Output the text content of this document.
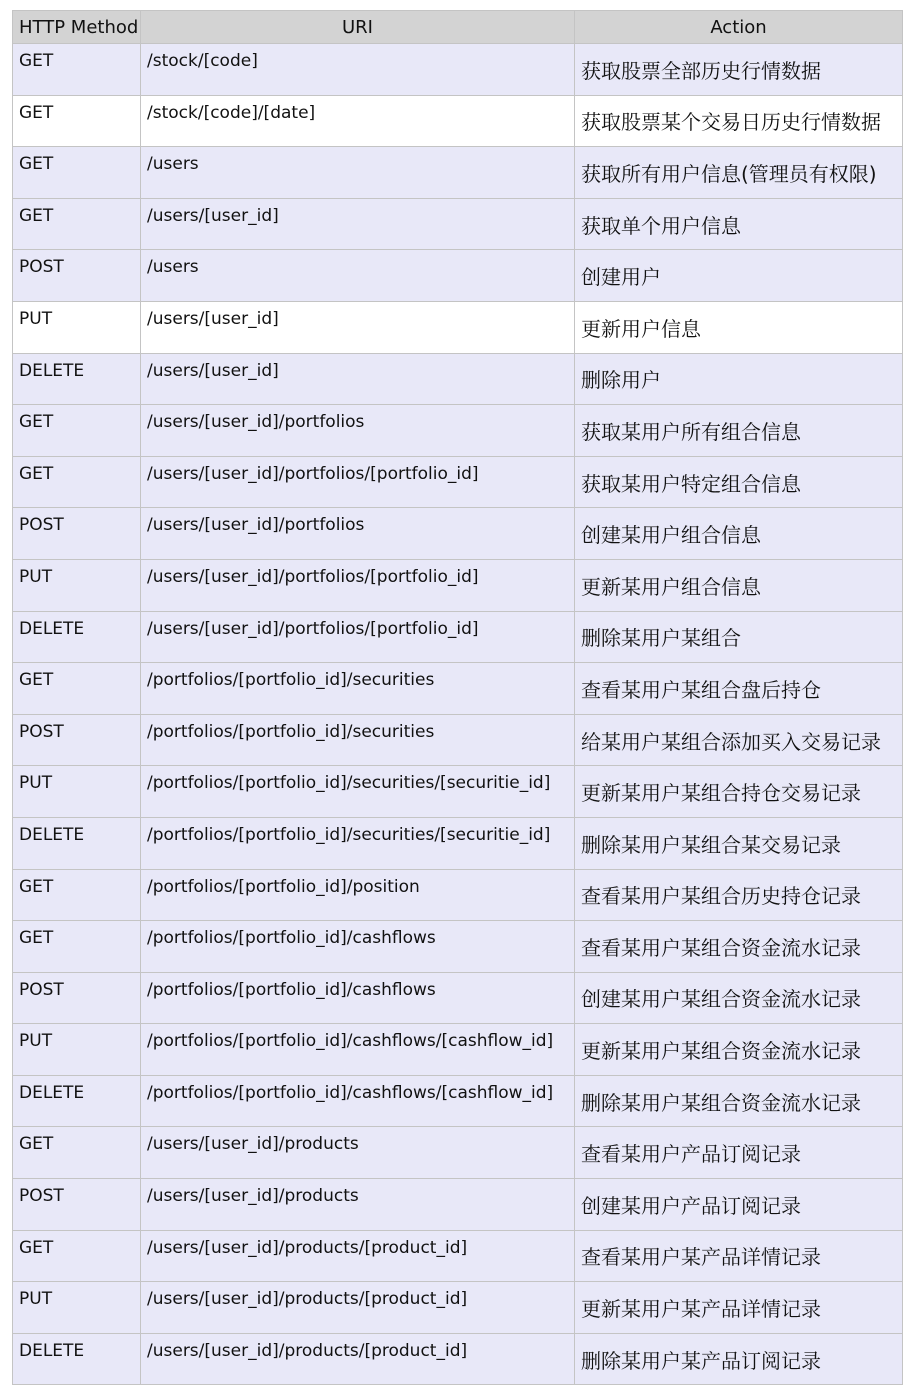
HTTP Method	URI	Action
GET	/stock/[code]	获取股票全部历史行情数据
GET	/stock/[code]/[date]	获取股票某个交易日历史行情数据
GET	/users	获取所有用户信息(管理员有权限)
GET	/users/[user_id]	获取单个用户信息
POST	/users	创建用户
PUT	/users/[user_id]	更新用户信息
DELETE	/users/[user_id]	删除用户
GET	/users/[user_id]/portfolios	获取某用户所有组合信息
GET	/users/[user_id]/portfolios/[portfolio_id]	获取某用户特定组合信息
POST	/users/[user_id]/portfolios	创建某用户组合信息
PUT	/users/[user_id]/portfolios/[portfolio_id]	更新某用户组合信息
DELETE	/users/[user_id]/portfolios/[portfolio_id]	删除某用户某组合
GET	/portfolios/[portfolio_id]/securities	查看某用户某组合盘后持仓
POST	/portfolios/[portfolio_id]/securities	给某用户某组合添加买入交易记录
PUT	/portfolios/[portfolio_id]/securities/[securitie_id]	更新某用户某组合持仓交易记录
DELETE	/portfolios/[portfolio_id]/securities/[securitie_id]	删除某用户某组合某交易记录
GET	/portfolios/[portfolio_id]/position	查看某用户某组合历史持仓记录
GET	/portfolios/[portfolio_id]/cashflows	查看某用户某组合资金流水记录
POST	/portfolios/[portfolio_id]/cashflows	创建某用户某组合资金流水记录
PUT	/portfolios/[portfolio_id]/cashflows/[cashflow_id]	更新某用户某组合资金流水记录
DELETE	/portfolios/[portfolio_id]/cashflows/[cashflow_id]	删除某用户某组合资金流水记录
GET	/users/[user_id]/products	查看某用户产品订阅记录
POST	/users/[user_id]/products	创建某用户产品订阅记录
GET	/users/[user_id]/products/[product_id]	查看某用户某产品详情记录
PUT	/users/[user_id]/products/[product_id]	更新某用户某产品详情记录
DELETE	/users/[user_id]/products/[product_id]	删除某用户某产品订阅记录
